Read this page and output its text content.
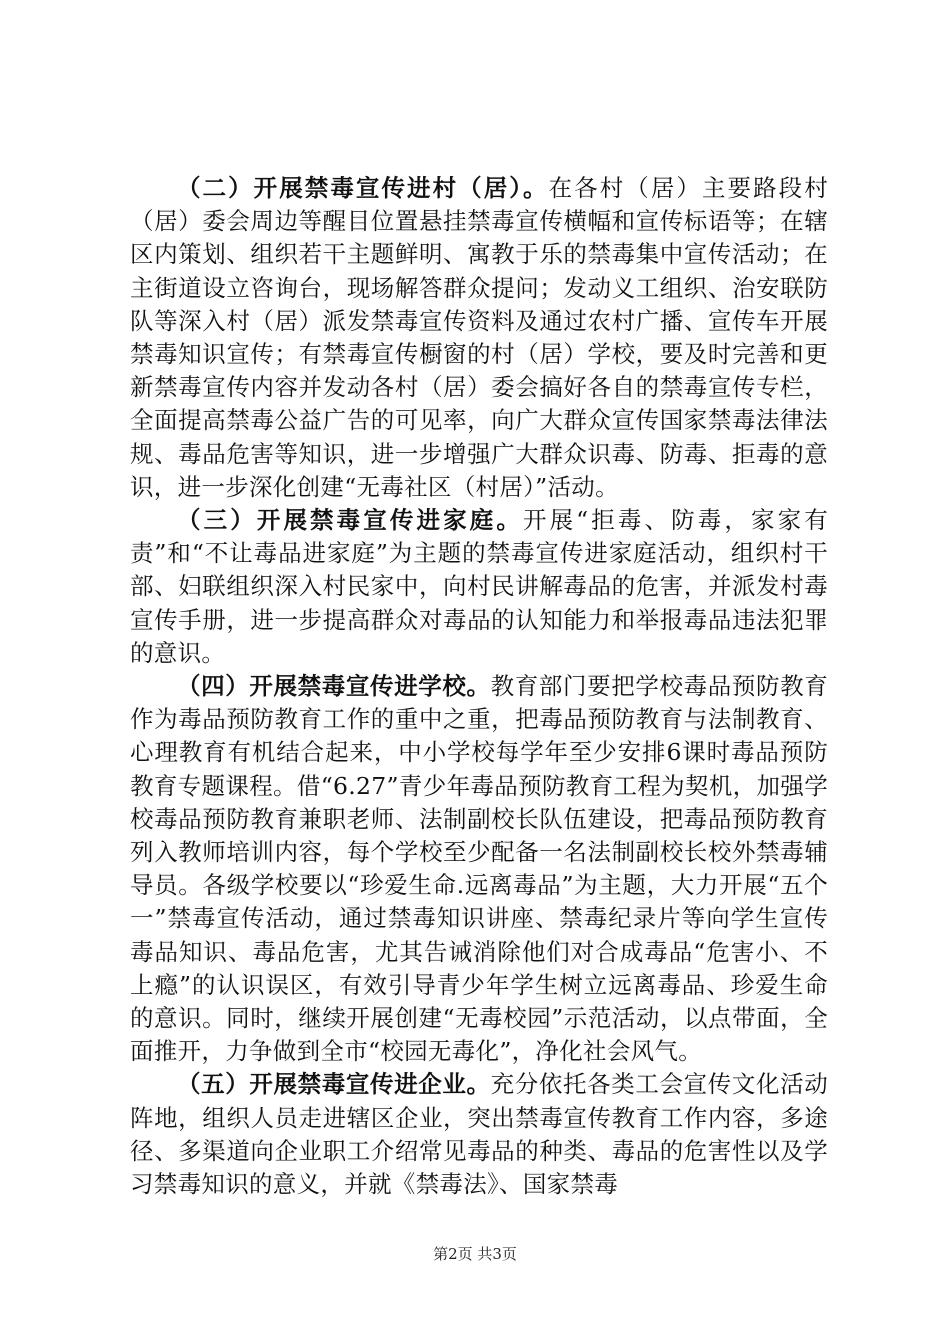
（二）开展禁毒宣传进村（居）。在各村（居）主要路段村（居）委会周边等醒目位置悬挂禁毒宣传横幅和宣传标语等；在辖区内策划、组织若干主题鲜明、寓教于乐的禁毒集中宣传活动；在主街道设立咨询台，现场解答群众提问；发动义工组织、治安联防队等深入村（居）派发禁毒宣传资料及通过农村广播、宣传车开展禁毒知识宣传；有禁毒宣传橱窗的村（居）学校，要及时完善和更新禁毒宣传内容并发动各村（居）委会搞好各自的禁毒宣传专栏，全面提高禁毒公益广告的可见率，向广大群众宣传国家禁毒法律法规、毒品危害等知识，进一步增强广大群众识毒、防毒、拒毒的意识，进一步深化创建“无毒社区（村居）”活动。

（三）开展禁毒宣传进家庭。开展“拒毒、防毒，家家有责”和“不让毒品进家庭”为主题的禁毒宣传进家庭活动，组织村干部、妇联组织深入村民家中，向村民讲解毒品的危害，并派发村毒宣传手册，进一步提高群众对毒品的认知能力和举报毒品违法犯罪的意识。

（四）开展禁毒宣传进学校。教育部门要把学校毒品预防教育作为毒品预防教育工作的重中之重，把毒品预防教育与法制教育、心理教育有机结合起来，中小学校每学年至少安排6课时毒品预防教育专题课程。借“6.27”青少年毒品预防教育工程为契机，加强学校毒品预防教育兼职老师、法制副校长队伍建设，把毒品预防教育列入教师培训内容，每个学校至少配备一名法制副校长校外禁毒辅导员。各级学校要以“珍爱生命.远离毒品”为主题，大力开展“五个一”禁毒宣传活动，通过禁毒知识讲座、禁毒纪录片等向学生宣传毒品知识、毒品危害，尤其告诫消除他们对合成毒品“危害小、不上瘾”的认识误区，有效引导青少年学生树立远离毒品、珍爱生命的意识。同时，继续开展创建“无毒校园”示范活动，以点带面，全面推开，力争做到全市“校园无毒化”，净化社会风气。

（五）开展禁毒宣传进企业。充分依托各类工会宣传文化活动阵地，组织人员走进辖区企业，突出禁毒宣传教育工作内容，多途径、多渠道向企业职工介绍常见毒品的种类、毒品的危害性以及学习禁毒知识的意义，并就《禁毒法》、国家禁毒

第2页 共3页
